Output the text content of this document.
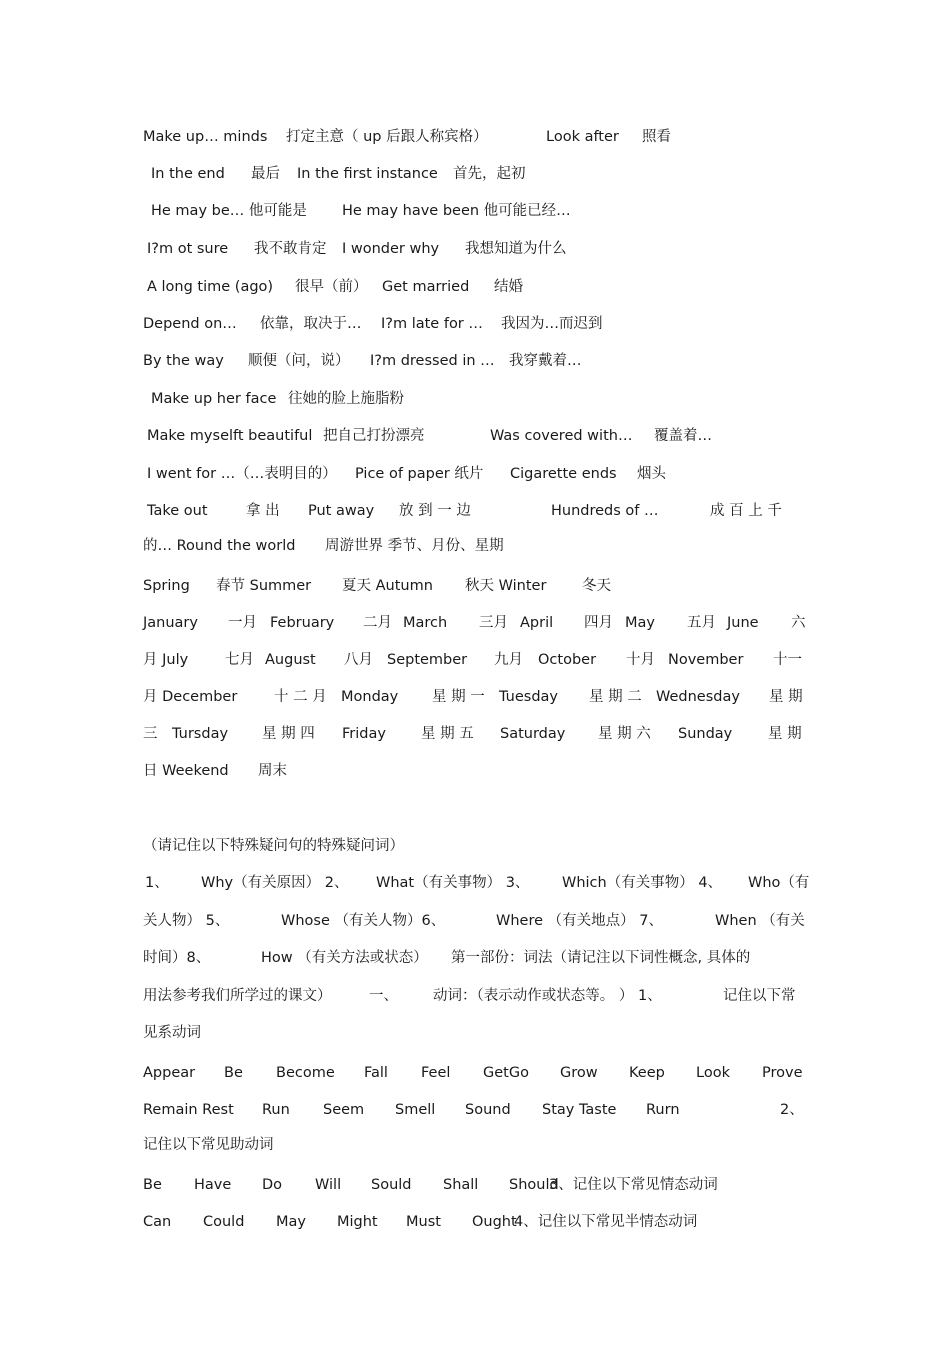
Make up… minds 打定主意（ up 后跟人称宾格）	Look after 照看
In the end 最后 In the first instance 首先，起初
He may be… 他可能是 He may have been 他可能已经…
I?m ot sure 我不敢肯定 I wonder why 我想知道为什么
A long time (ago) 很早（前） Get married 结婚
Depend on… 依靠，取决于… I?m late for … 我因为…而迟到
By the way 顺便（问，说） I?m dressed in … 我穿戴着…
Make up her face 往她的脸上施脂粉
Make myselft beautiful 把自己打扮漂亮	Was covered with… 覆盖着…
I went for …（…表明目的） Pice of paper 纸片 Cigarette ends 烟头
Take out	拿 出 Put away 放 到 一 边	Hundreds of …	成 百 上 千
的… Round the world 周游世界 季节、月份、星期
Spring 春节 Summer 夏天 Autumn 秋天 Winter 冬天
January 一月 February 二月 March 三月 April 四月 May 五月 June 六
月 July	七月 August 八月 September 九月 October 十月 November 十一
月 December	十 二 月 Monday 星 期 一 Tuesday 星 期 二 Wednesday 星 期
三 Tursday 星 期 四 Friday 星 期 五 Saturday 星 期 六 Sunday 星 期
日 Weekend 周末
（请记住以下特殊疑问句的特殊疑问词）
1、 Why（有关原因） 2、 What（有关事物） 3、 Which（有关事物） 4、 Who（有
关人物） 5、	Whose （有关人物）6、	Where （有关地点） 7、	When （有关
时间）8、	How （有关方法或状态） 第一部份：词法（请记注以下词性概念, 具体的
用法参考我们所学过的课文）	一、 动词：（表示动作或状态等。 ） 1、	记住以下常
见系动词
Appear Be Become Fall Feel GetGo Grow Keep Look Prove
Remain Rest Run Seem Smell Sound Stay Taste Rurn	2、
记住以下常见助动词
Be Have Do Will Sould Shall Should
3、记住以下常见情态动词
Can Could May Might Must Ought
4、记住以下常见半情态动词
